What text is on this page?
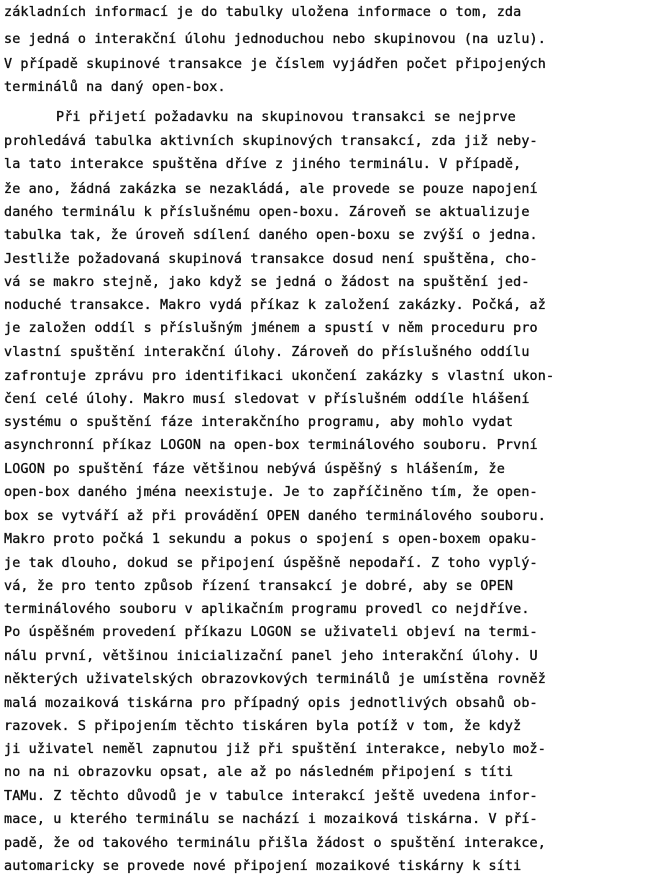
základních informací je do tabulky uložena informace o tom, zda
se jedná o interakční úlohu jednoduchou nebo skupinovou (na uzlu).
V případě skupinové transakce je číslem vyjádřen počet připojených
terminálů na daný open-box.
Při přijetí požadavku na skupinovou transakci se nejprve
prohledává tabulka aktivních skupinových transakcí, zda již neby-
la tato interakce spuštěna dříve z jiného terminálu. V případě,
že ano, žádná zakázka se nezakládá, ale provede se pouze napojení
daného terminálu k příslušnému open-boxu. Zároveň se aktualizuje
tabulka tak, že úroveň sdílení daného open-boxu se zvýší o jedna.
Jestliže požadovaná skupinová transakce dosud není spuštěna, cho-
vá se makro stejně, jako když se jedná o žádost na spuštění jed-
noduché transakce. Makro vydá příkaz k založení zakázky. Počká, až
je založen oddíl s příslušným jménem a spustí v něm proceduru pro
vlastní spuštění interakční úlohy. Zároveň do příslušného oddílu
zafrontuje zprávu pro identifikaci ukončení zakázky s vlastní ukon-
čení celé úlohy. Makro musí sledovat v příslušném oddíle hlášení
systému o spuštění fáze interakčního programu, aby mohlo vydat
asynchronní příkaz LOGON na open-box terminálového souboru. První
LOGON po spuštění fáze většinou nebývá úspěšný s hlášením, že
open-box daného jména neexistuje. Je to zapříčiněno tím, že open-
box se vytváří až při provádění OPEN daného terminálového souboru.
Makro proto počká 1 sekundu a pokus o spojení s open-boxem opaku-
je tak dlouho, dokud se připojení úspěšně nepodaří. Z toho vyplý-
vá, že pro tento způsob řízení transakcí je dobré, aby se OPEN
terminálového souboru v aplikačním programu provedl co nejdříve.
Po úspěšném provedení příkazu LOGON se uživateli objeví na termi-
nálu první, většinou inicializační panel jeho interakční úlohy. U
některých uživatelských obrazovkových terminálů je umístěna rovněž
malá mozaiková tiskárna pro případný opis jednotlivých obsahů ob-
razovek. S připojením těchto tiskáren byla potíž v tom, že když
ji uživatel neměl zapnutou již při spuštění interakce, nebylo mož-
no na ni obrazovku opsat, ale až po následném připojení s títi
TAMu. Z těchto důvodů je v tabulce interakcí ještě uvedena infor-
mace, u kterého terminálu se nachází i mozaiková tiskárna. V pří-
padě, že od takového terminálu přišla žádost o spuštění interakce,
automaricky se provede nové připojení mozaikové tiskárny k síti
